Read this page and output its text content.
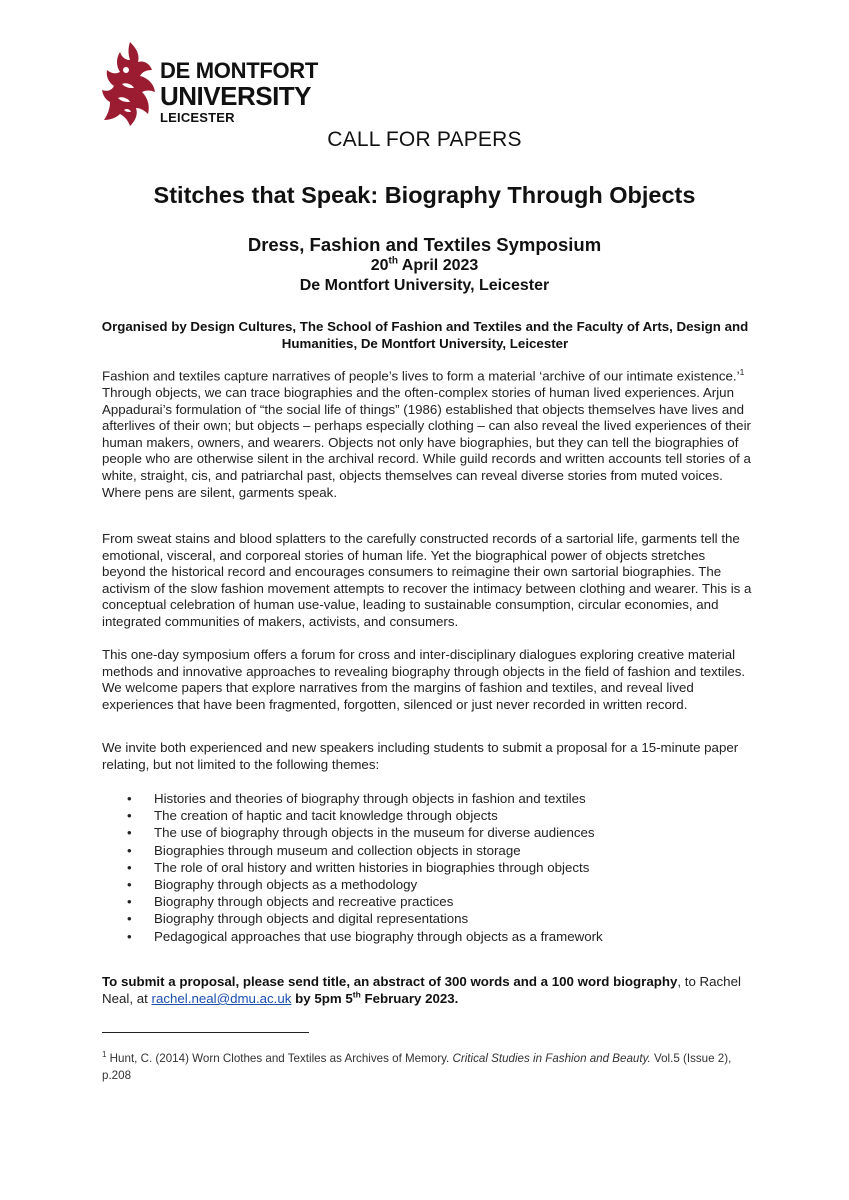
DE MONTFORT
UNIVERSITY
LEICESTER
CALL FOR PAPERS
Stitches that Speak: Biography Through Objects
Dress, Fashion and Textiles Symposium
20th April 2023
De Montfort University, Leicester
Organised by Design Cultures, The School of Fashion and Textiles and the Faculty of Arts, Design and Humanities, De Montfort University, Leicester

Fashion and textiles capture narratives of people’s lives to form a material ‘archive of our intimate existence.’$^1$ Through objects, we can trace biographies and the often-complex stories of human lived experiences. Arjun Appadurai’s formulation of “the social life of things” (1986) established that objects themselves have lives and afterlives of their own; but objects – perhaps especially clothing – can also reveal the lived experiences of their human makers, owners, and wearers. Objects not only have biographies, but they can tell the biographies of people who are otherwise silent in the archival record. While guild records and written accounts tell stories of a white, straight, cis, and patriarchal past, objects themselves can reveal diverse stories from muted voices. Where pens are silent, garments speak.

From sweat stains and blood splatters to the carefully constructed records of a sartorial life, garments tell the emotional, visceral, and corporeal stories of human life. Yet the biographical power of objects stretches beyond the historical record and encourages consumers to reimagine their own sartorial biographies. The activism of the slow fashion movement attempts to recover the intimacy between clothing and wearer. This is a conceptual celebration of human use-value, leading to sustainable consumption, circular economies, and integrated communities of makers, activists, and consumers.

This one-day symposium offers a forum for cross and inter-disciplinary dialogues exploring creative material methods and innovative approaches to revealing biography through objects in the field of fashion and textiles. We welcome papers that explore narratives from the margins of fashion and textiles, and reveal lived experiences that have been fragmented, forgotten, silenced or just never recorded in written record.

We invite both experienced and new speakers including students to submit a proposal for a 15-minute paper relating, but not limited to the following themes:

• Histories and theories of biography through objects in fashion and textiles
• The creation of haptic and tacit knowledge through objects
• The use of biography through objects in the museum for diverse audiences
• Biographies through museum and collection objects in storage
• The role of oral history and written histories in biographies through objects
• Biography through objects as a methodology
• Biography through objects and recreative practices
• Biography through objects and digital representations
• Pedagogical approaches that use biography through objects as a framework
To submit a proposal, please send title, an abstract of 300 words and a 100 word biography, to Rachel Neal, at rachel.neal@dmu.ac.uk by 5pm 5th February 2023.
$^1$ Hunt, C. (2014) Worn Clothes and Textiles as Archives of Memory. Critical Studies in Fashion and Beauty. Vol.5 (Issue 2), p.208
